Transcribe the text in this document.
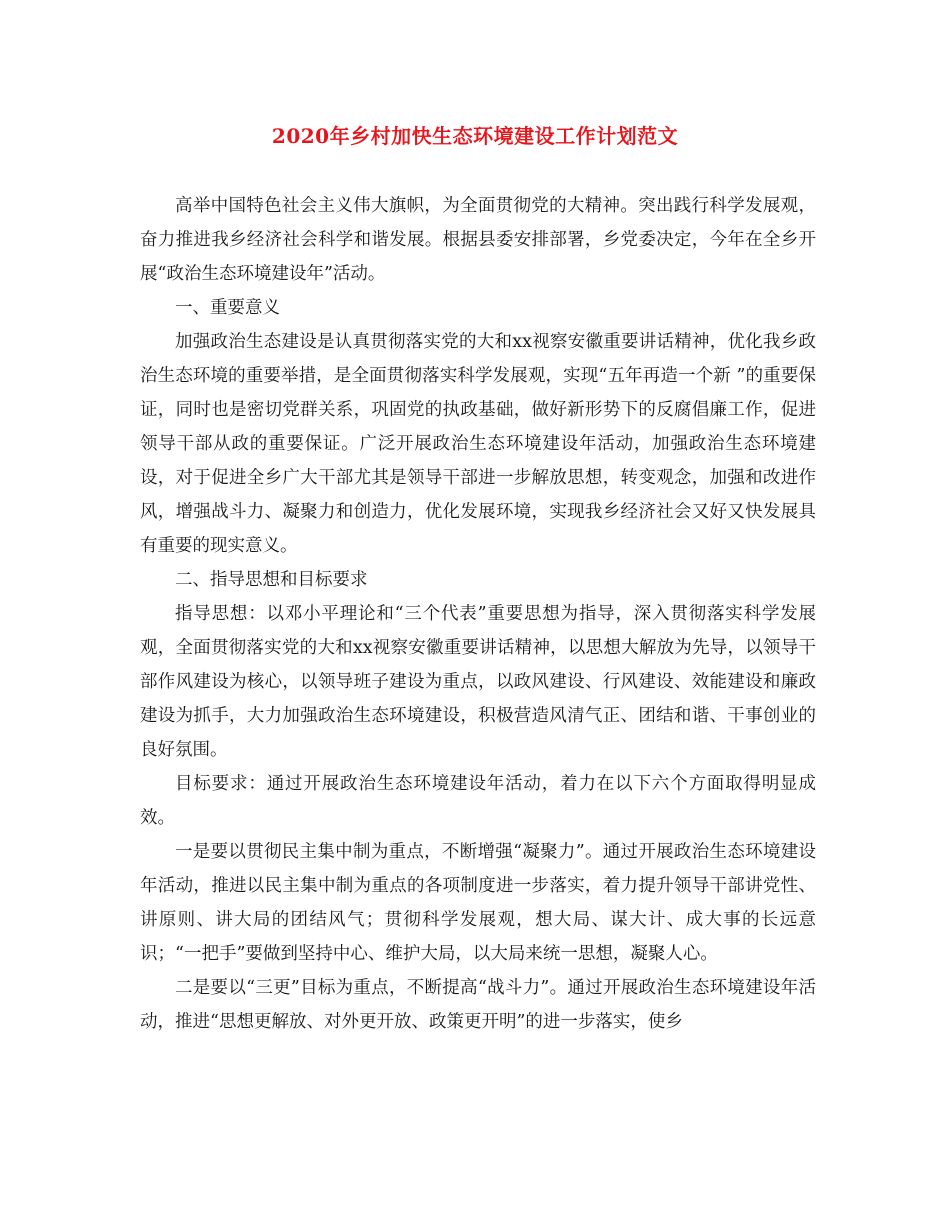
2020年乡村加快生态环境建设工作计划范文

高举中国特色社会主义伟大旗帜，为全面贯彻党的大精神。突出践行科学发展观，奋力推进我乡经济社会科学和谐发展。根据县委安排部署，乡党委决定，今年在全乡开展“政治生态环境建设年”活动。

一、重要意义

加强政治生态建设是认真贯彻落实党的大和xx视察安徽重要讲话精神，优化我乡政治生态环境的重要举措，是全面贯彻落实科学发展观，实现“五年再造一个新 ”的重要保证，同时也是密切党群关系，巩固党的执政基础，做好新形势下的反腐倡廉工作，促进领导干部从政的重要保证。广泛开展政治生态环境建设年活动，加强政治生态环境建设，对于促进全乡广大干部尤其是领导干部进一步解放思想，转变观念，加强和改进作风，增强战斗力、凝聚力和创造力，优化发展环境，实现我乡经济社会又好又快发展具有重要的现实意义。

二、指导思想和目标要求

指导思想：以邓小平理论和“三个代表”重要思想为指导，深入贯彻落实科学发展观，全面贯彻落实党的大和xx视察安徽重要讲话精神，以思想大解放为先导，以领导干部作风建设为核心，以领导班子建设为重点，以政风建设、行风建设、效能建设和廉政建设为抓手，大力加强政治生态环境建设，积极营造风清气正、团结和谐、干事创业的良好氛围。

目标要求：通过开展政治生态环境建设年活动，着力在以下六个方面取得明显成效。

一是要以贯彻民主集中制为重点，不断增强“凝聚力”。通过开展政治生态环境建设年活动，推进以民主集中制为重点的各项制度进一步落实，着力提升领导干部讲党性、讲原则、讲大局的团结风气；贯彻科学发展观，想大局、谋大计、成大事的长远意识；“一把手”要做到坚持中心、维护大局，以大局来统一思想，凝聚人心。

二是要以“三更”目标为重点，不断提高“战斗力”。通过开展政治生态环境建设年活动，推进“思想更解放、对外更开放、政策更开明”的进一步落实，使乡
